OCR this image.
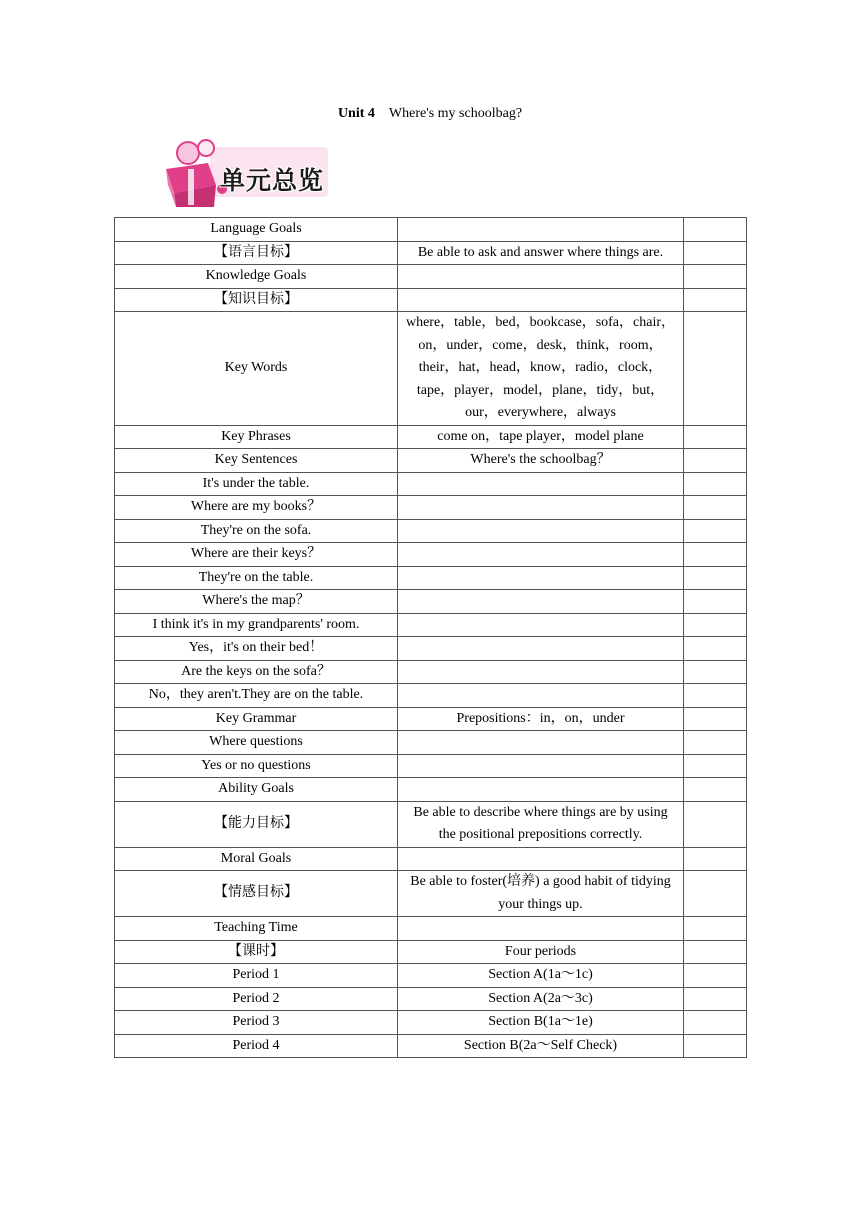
Unit 4 Where's my schoolbag?
单元总览
Language Goals		
【语言目标】	Be able to ask and answer where things are.	
Knowledge Goals		
【知识目标】		
Key Words	where，table，bed，bookcase，sofa，chair，on，under，come，desk，think，room，their，hat，head，know，radio，clock，tape，player，model，plane，tidy，but，our，everywhere，always	
Key Phrases	come on，tape player，model plane	
Key Sentences	Where's the schoolbag？	
It's under the table.		
Where are my books？		
They're on the sofa.		
Where are their keys？		
They're on the table.		
Where's the map？		
I think it's in my grandparents' room.		
Yes，it's on their bed！		
Are the keys on the sofa？		
No，they aren't.They are on the table.		
Key Grammar	Prepositions：in，on，under	
Where questions		
Yes or no questions		
Ability Goals		
【能力目标】	Be able to describe where things are by using the positional prepositions correctly.	
Moral Goals		
【情感目标】	Be able to foster(培养) a good habit of tidying your things up.	
Teaching Time		
【课时】	Four periods	
Period 1	Section A(1a～1c)	
Period 2	Section A(2a～3c)	
Period 3	Section B(1a～1e)	
Period 4	Section B(2a～Self Check)	
